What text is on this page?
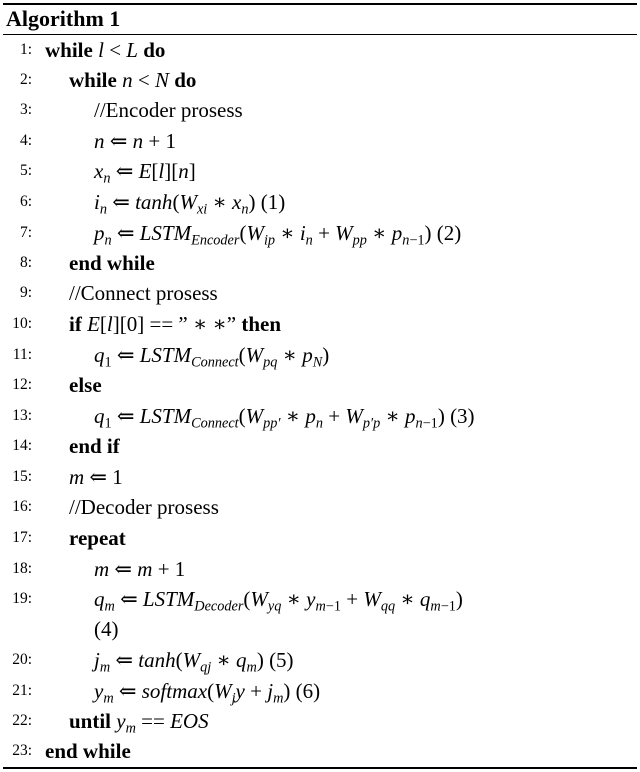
Algorithm 1
1: while l < L do
2: while n < N do
3:	//Encoder prosess
4:	n ⇐ n + 1
5:	$x_n$ ⇐ E[l][n]
6:	$i_n$ ⇐ $\tanh(W_{xi}$ ∗ $x_n$) (1)
7:	$p_n$ ⇐ $LSTM_{Encoder}(W_{ip}$ ∗ $i_n + W_{pp}$ ∗ $p_{n-1}$) (2)
8: end while
9: //Connect prosess
10: if E[l][0] == ” ∗ ∗” then
11:	$q_1$ ⇐ $LSTM_{Connect}(W_{pq}$ ∗ $p_N$)
12: else
13:	$q_1$ ⇐ $LSTM_{Connect}(W_{pp'}$ ∗ $p_n + W_{p'p}$ ∗ $p_{n-1}$) (3)
14: end if
15: m ⇐ 1
16: //Decoder prosess
17: repeat
18:	m ⇐ m + 1
19:	$q_m$ ⇐ $LSTM_{Decoder}(W_{yq}$ ∗ $y_{m-1} + W_{qq}$ ∗ $q_{m-1}$)
(4)
20:	$j_m$ ⇐ $\tanh(W_{qj}$ ∗ $q_m$) (5)
21:	$y_m$ ⇐ $softmax(W_jy + j_m)$ (6)
22: until $y_m$ == EOS
23: end while
